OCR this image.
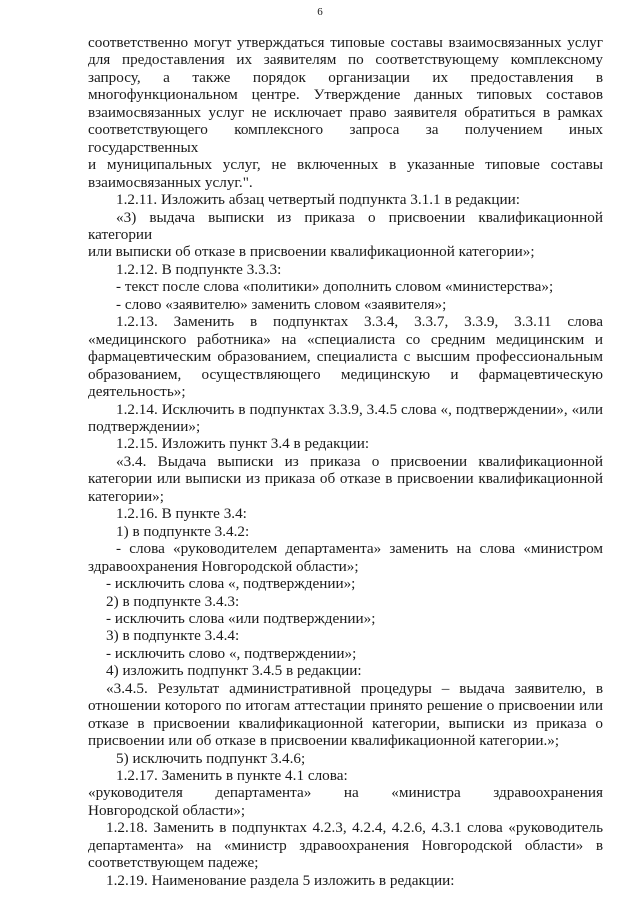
6
соответственно могут утверждаться типовые составы взаимосвязанных услуг
для предоставления их заявителям по соответствующему комплексному
запросу, а также порядок организации их предоставления в
многофункциональном центре. Утверждение данных типовых составов
взаимосвязанных услуг не исключает право заявителя обратиться в рамках
соответствующего комплексного запроса за получением иных государственных
и муниципальных услуг, не включенных в указанные типовые составы
взаимосвязанных услуг.".
1.2.11. Изложить абзац четвертый подпункта 3.1.1 в редакции:
«3) выдача выписки из приказа о присвоении квалификационной категории
или выписки об отказе в присвоении квалификационной категории»;
1.2.12. В подпункте 3.3.3:
- текст после слова «политики» дополнить словом «министерства»;
- слово «заявителю» заменить словом «заявителя»;
1.2.13. Заменить в подпунктах 3.3.4, 3.3.7, 3.3.9, 3.3.11 слова
«медицинского работника» на «специалиста со средним медицинским и
фармацевтическим образованием, специалиста с высшим профессиональным
образованием, осуществляющего медицинскую и фармацевтическую
деятельность»;
1.2.14. Исключить в подпунктах 3.3.9, 3.4.5 слова «, подтверждении», «или
подтверждении»;
1.2.15. Изложить пункт 3.4 в редакции:
«3.4. Выдача выписки из приказа о присвоении квалификационной
категории или выписки из приказа об отказе в присвоении квалификационной
категории»;
1.2.16. В пункте 3.4:
1) в подпункте 3.4.2:
- слова «руководителем департамента» заменить на слова «министром
здравоохранения Новгородской области»;
- исключить слова «, подтверждении»;
2) в подпункте 3.4.3:
- исключить слова «или подтверждении»;
3) в подпункте 3.4.4:
- исключить слово «, подтверждении»;
4) изложить подпункт 3.4.5 в редакции:
«3.4.5. Результат административной процедуры – выдача заявителю, в
отношении которого по итогам аттестации принято решение о присвоении или
отказе в присвоении квалификационной категории, выписки из приказа о
присвоении или об отказе в присвоении квалификационной категории.»;
5) исключить подпункт 3.4.6;
1.2.17. Заменить в пункте 4.1 слова:
«руководителя департамента» на «министра здравоохранения
Новгородской области»;
1.2.18. Заменить в подпунктах 4.2.3, 4.2.4, 4.2.6, 4.3.1 слова «руководитель
департамента» на «министр здравоохранения Новгородской области» в
соответствующем падеже;
1.2.19. Наименование раздела 5 изложить в редакции:
